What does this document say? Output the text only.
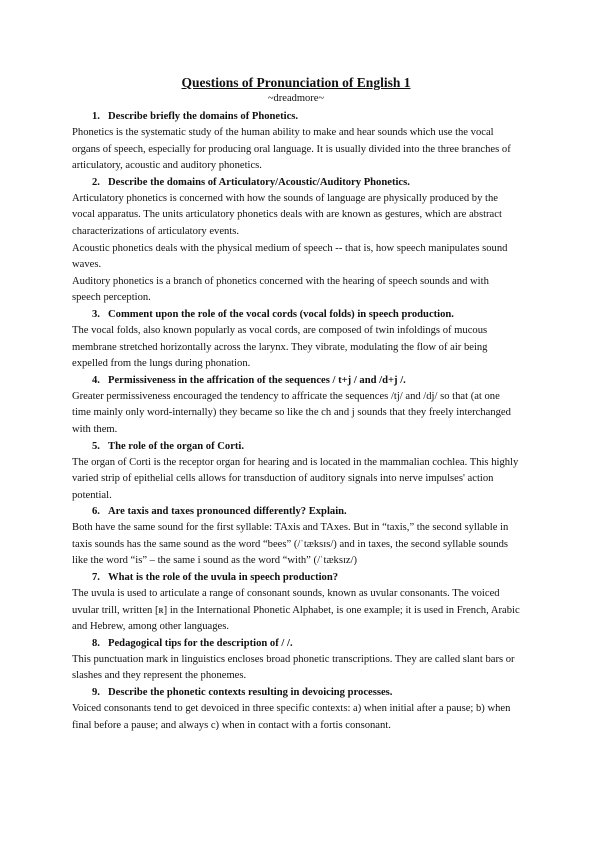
Questions of Pronunciation of English 1

~dreadmore~

1. Describe briefly the domains of Phonetics.

Phonetics is the systematic study of the human ability to make and hear sounds which use the vocal organs of speech, especially for producing oral language. It is usually divided into the three branches of articulatory, acoustic and auditory phonetics.

2. Describe the domains of Articulatory/Acoustic/Auditory Phonetics.

Articulatory phonetics is concerned with how the sounds of language are physically produced by the vocal apparatus. The units articulatory phonetics deals with are known as gestures, which are abstract characterizations of articulatory events.

Acoustic phonetics deals with the physical medium of speech -- that is, how speech manipulates sound waves.

Auditory phonetics is a branch of phonetics concerned with the hearing of speech sounds and with speech perception.

3. Comment upon the role of the vocal cords (vocal folds) in speech production.

The vocal folds, also known popularly as vocal cords, are composed of twin infoldings of mucous membrane stretched horizontally across the larynx. They vibrate, modulating the flow of air being expelled from the lungs during phonation.

4. Permissiveness in the affrication of the sequences / t+j / and /d+j /.

Greater permissiveness encouraged the tendency to affricate the sequences /tj/ and /dj/ so that (at one time mainly only word-internally) they became so like the ch and j sounds that they freely interchanged with them.

5. The role of the organ of Corti.

The organ of Corti is the receptor organ for hearing and is located in the mammalian cochlea. This highly varied strip of epithelial cells allows for transduction of auditory signals into nerve impulses' action potential.

6. Are taxis and taxes pronounced differently? Explain.

Both have the same sound for the first syllable: TAxis and TAxes. But in “taxis,” the second syllable in taxis sounds has the same sound as the word “bees” (/ˈtæksɪs/) and in taxes, the second syllable sounds like the word “is” – the same i sound as the word “with” (/ˈtæksɪz/)

7. What is the role of the uvula in speech production?

The uvula is used to articulate a range of consonant sounds, known as uvular consonants. The voiced uvular trill, written [ʀ] in the International Phonetic Alphabet, is one example; it is used in French, Arabic and Hebrew, among other languages.

8. Pedagogical tips for the description of / /.

This punctuation mark in linguistics encloses broad phonetic transcriptions. They are called slant bars or slashes and they represent the phonemes.

9. Describe the phonetic contexts resulting in devoicing processes.

Voiced consonants tend to get devoiced in three specific contexts: a) when initial after a pause; b) when final before a pause; and always c) when in contact with a fortis consonant.
